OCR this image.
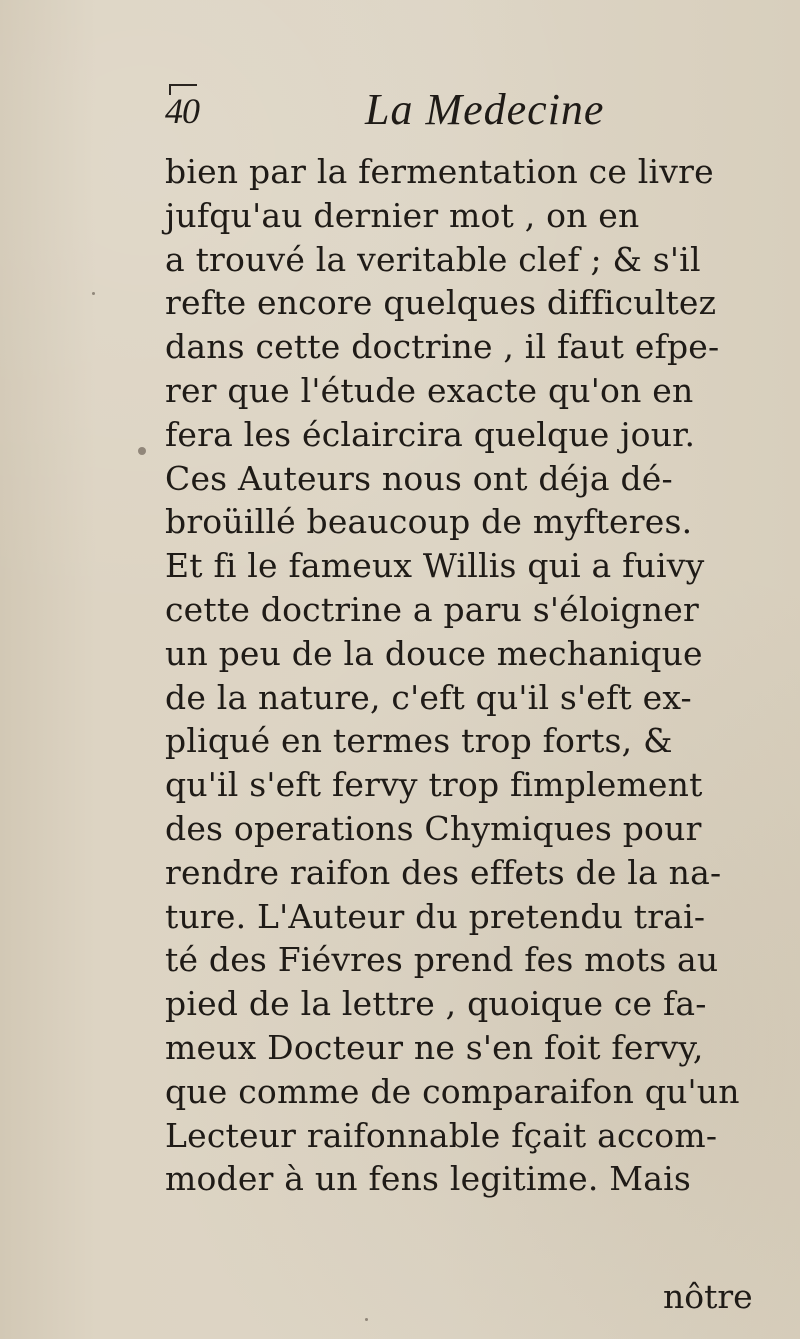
40	La Medecine
bien par la fermentation ce livre
jufqu'au dernier mot , on en
a trouvé la veritable clef ; & s'il
refte encore quelques difficultez
dans cette doctrine , il faut efpe-
rer que l'étude exacte qu'on en
fera les éclaircira quelque jour.
Ces Auteurs nous ont déja dé-
broüillé beaucoup de myfteres.
Et fi le fameux Willis qui a fuivy
cette doctrine a paru s'éloigner
un peu de la douce mechanique
de la nature, c'eft qu'il s'eft ex-
pliqué en termes trop forts, &
qu'il s'eft fervy trop fimplement
des operations Chymiques pour
rendre raifon des effets de la na-
ture. L'Auteur du pretendu trai-
té des Fiévres prend fes mots au
pied de la lettre , quoique ce fa-
meux Docteur ne s'en foit fervy,
que comme de comparaifon qu'un
Lecteur raifonnable fçait accom-
moder à un fens legitime. Mais
nôtre
